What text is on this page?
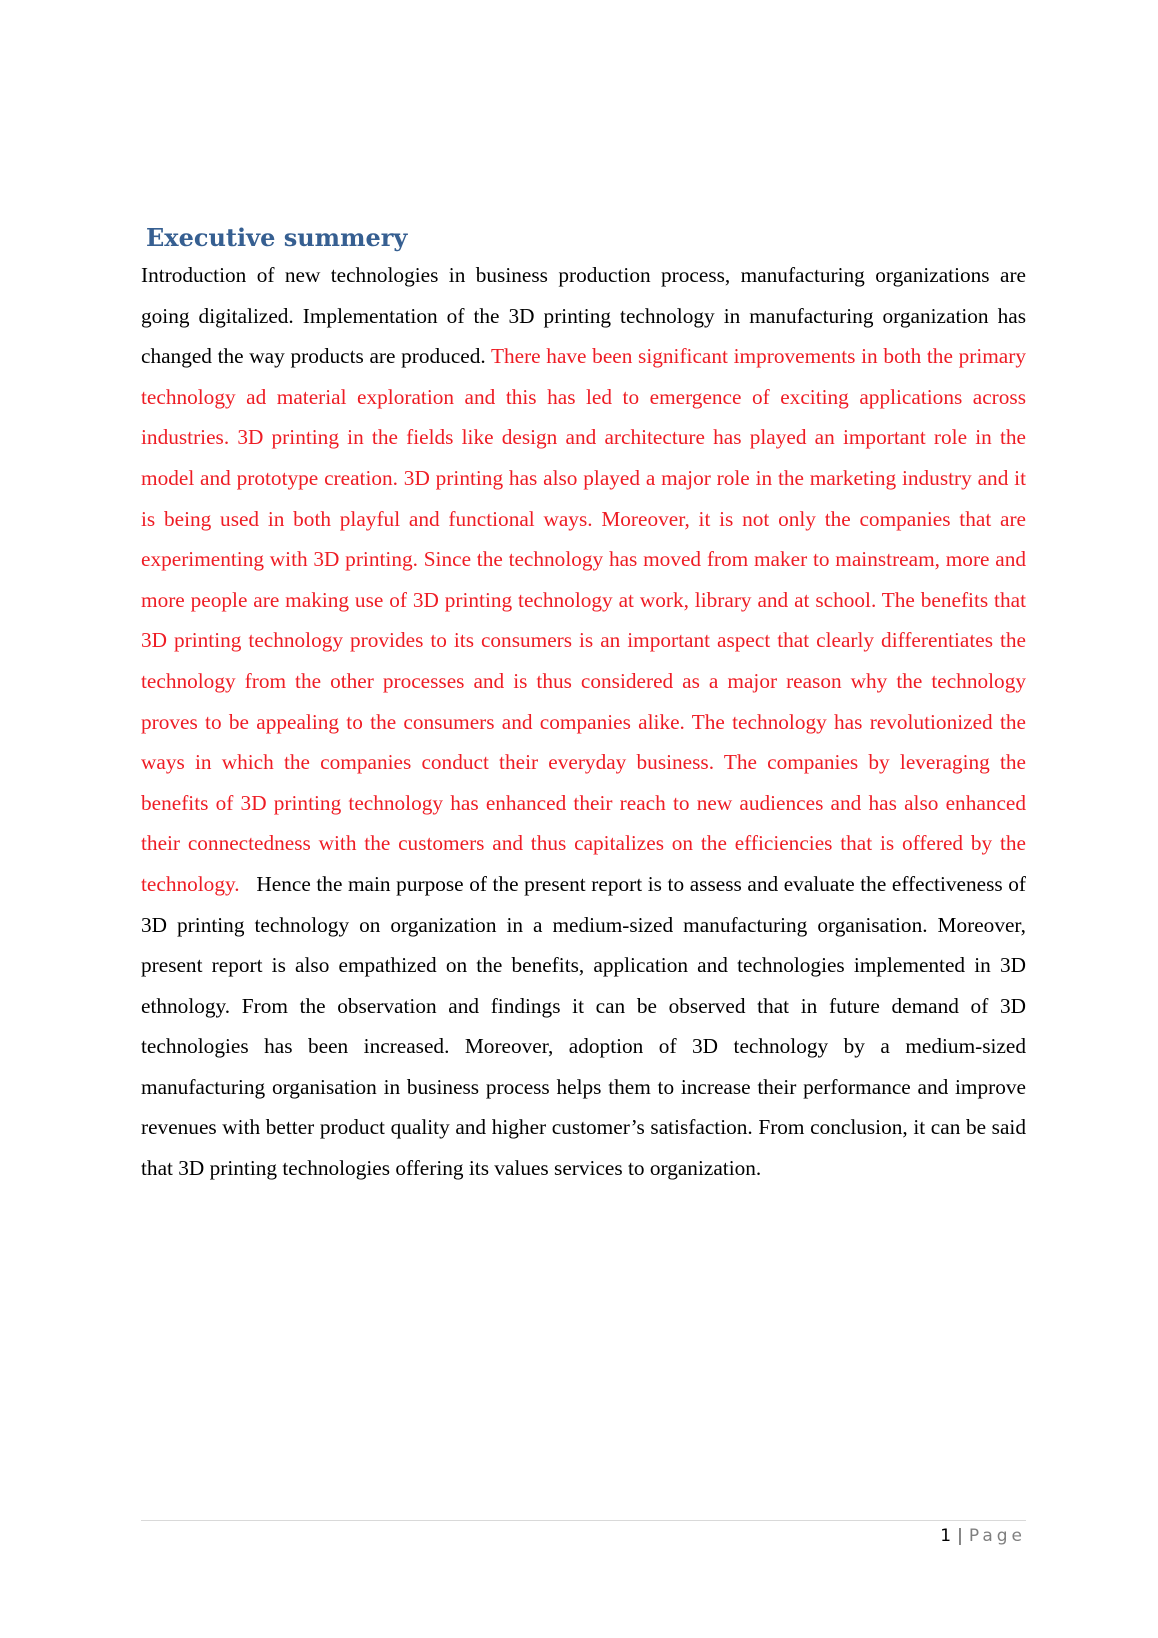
Executive summery

Introduction of new technologies in business production process, manufacturing organizations are going digitalized. Implementation of the 3D printing technology in manufacturing organization has changed the way products are produced. There have been significant improvements in both the primary technology ad material exploration and this has led to emergence of exciting applications across industries. 3D printing in the fields like design and architecture has played an important role in the model and prototype creation. 3D printing has also played a major role in the marketing industry and it is being used in both playful and functional ways. Moreover, it is not only the companies that are experimenting with 3D printing. Since the technology has moved from maker to mainstream, more and more people are making use of 3D printing technology at work, library and at school. The benefits that 3D printing technology provides to its consumers is an important aspect that clearly differentiates the technology from the other processes and is thus considered as a major reason why the technology proves to be appealing to the consumers and companies alike. The technology has revolutionized the ways in which the companies conduct their everyday business. The companies by leveraging the benefits of 3D printing technology has enhanced their reach to new audiences and has also enhanced their connectedness with the customers and thus capitalizes on the efficiencies that is offered by the technology.   Hence the main purpose of the present report is to assess and evaluate the effectiveness of 3D printing technology on organization in a medium-sized manufacturing organisation. Moreover, present report is also empathized on the benefits, application and technologies implemented in 3D ethnology. From the observation and findings it can be observed that in future demand of 3D technologies has been increased. Moreover, adoption of 3D technology by a medium-sized manufacturing organisation in business process helps them to increase their performance and improve revenues with better product quality and higher customer’s satisfaction. From conclusion, it can be said that 3D printing technologies offering its values services to organization.

1 | Page
